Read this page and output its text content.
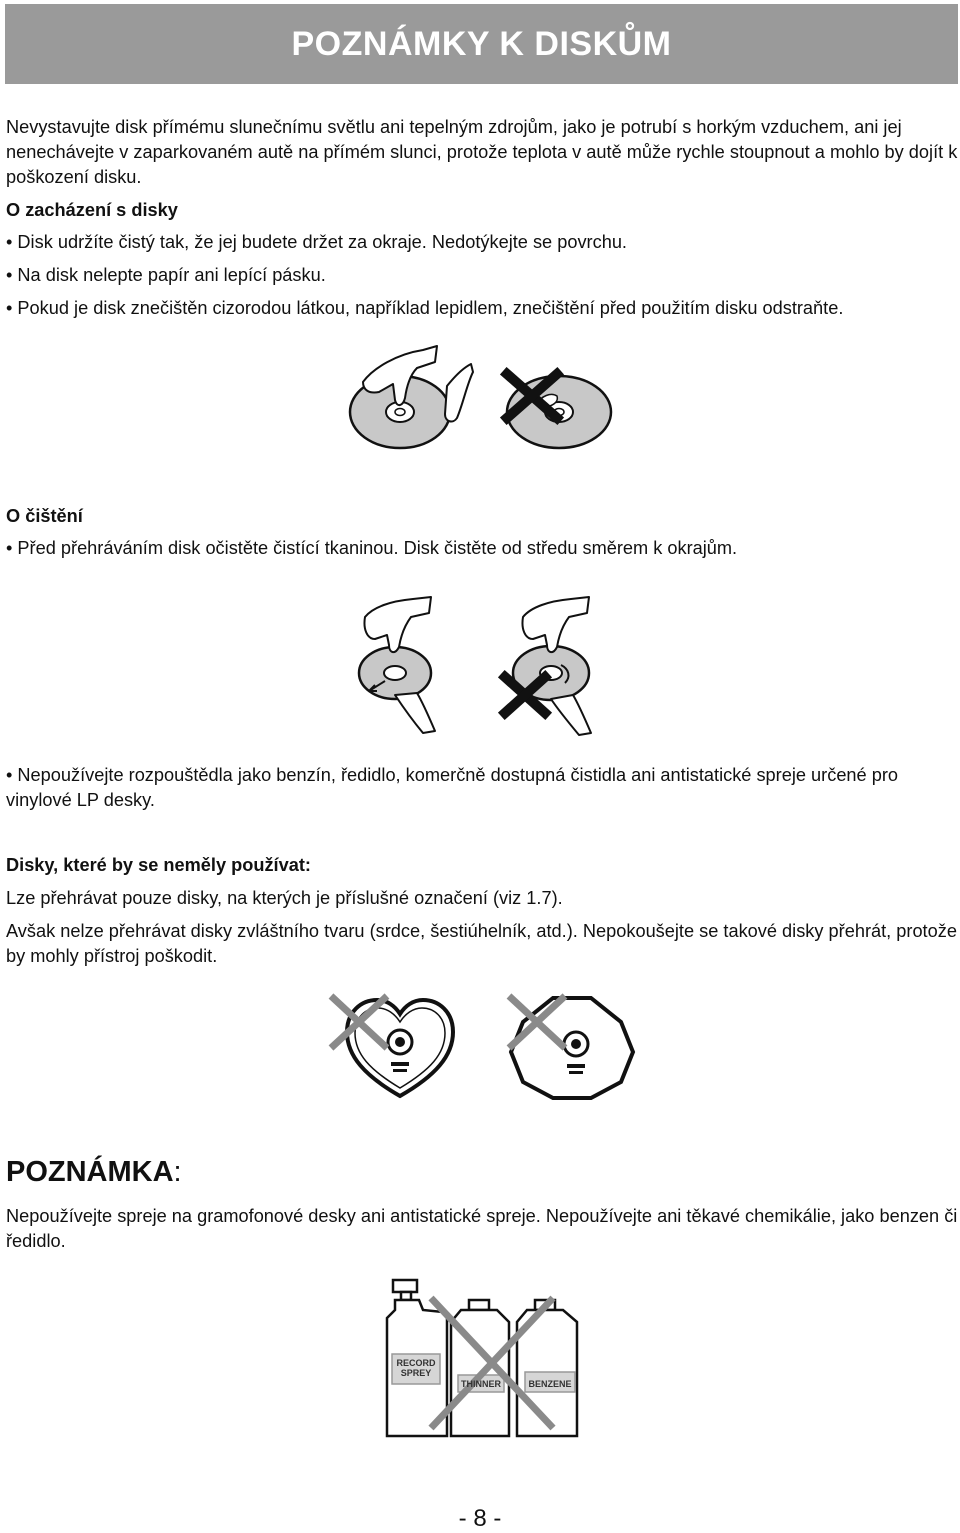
POZNÁMKY K DISKŮM

Nevystavujte disk přímému slunečnímu světlu ani tepelným zdrojům, jako je potrubí s horkým vzduchem, ani jej nenechávejte v zaparkovaném autě na přímém slunci, protože teplota v autě může rychle stoupnout a mohlo by dojít k poškození disku.

O zacházení s disky

• Disk udržíte čistý tak, že jej budete držet za okraje. Nedotýkejte se povrchu.

• Na disk nelepte papír ani lepící pásku.

• Pokud je disk znečištěn cizorodou látkou, například lepidlem, znečištění před použitím disku odstraňte.

O čištění

• Před přehráváním disk očistěte čistící tkaninou. Disk čistěte od středu směrem k okrajům.

• Nepoužívejte rozpouštědla jako benzín, ředidlo, komerčně dostupná čistidla ani antistatické spreje určené pro vinylové LP desky.

Disky, které by se neměly používat:

Lze přehrávat pouze disky, na kterých je příslušné označení (viz 1.7).

Avšak nelze přehrávat disky zvláštního tvaru (srdce, šestiúhelník, atd.). Nepokoušejte se takové disky přehrát, protože by mohly přístroj poškodit.

POZNÁMKA:

Nepoužívejte spreje na gramofonové desky ani antistatické spreje. Nepoužívejte ani těkavé chemikálie, jako benzen či ředidlo.

RECORD
SPREY
THINNER	BENZENE
- 8 -
